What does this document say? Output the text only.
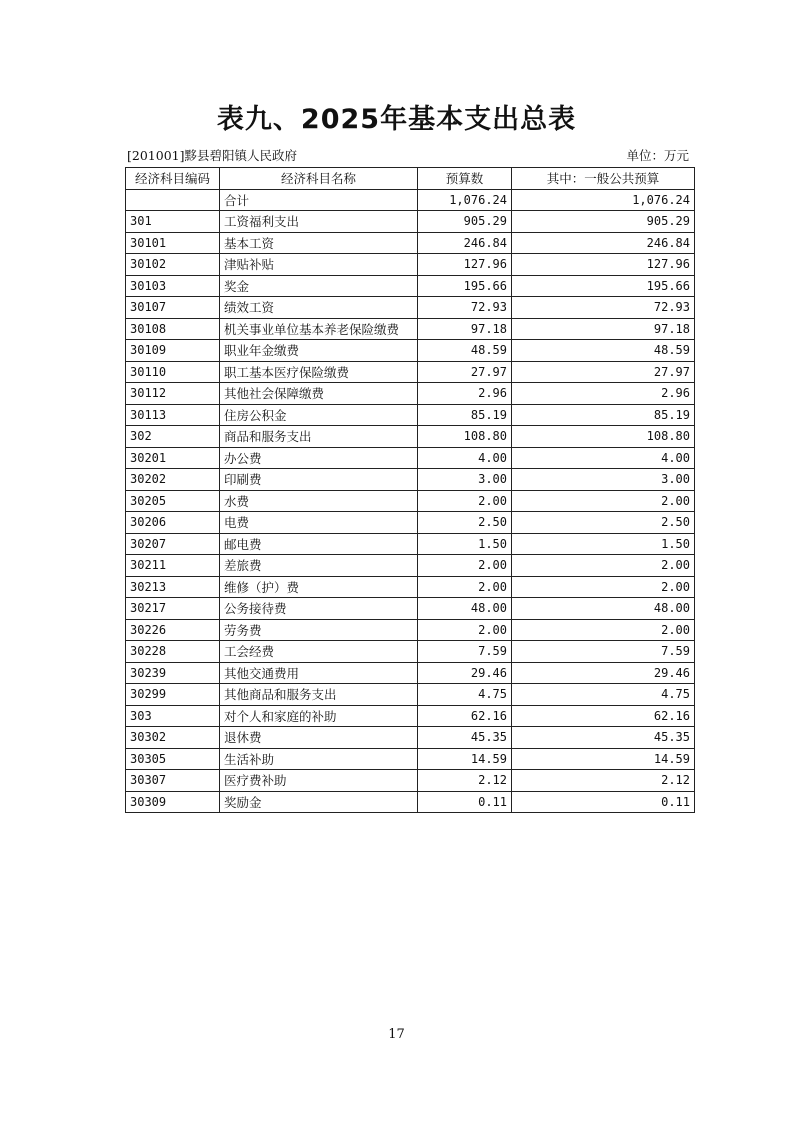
表九、2025年基本支出总表
[201001]黟县碧阳镇人民政府	单位：万元
经济科目编码	经济科目名称	预算数	其中：一般公共预算
	合计	1,076.24	1,076.24
301	工资福利支出	905.29	905.29
30101	基本工资	246.84	246.84
30102	津贴补贴	127.96	127.96
30103	奖金	195.66	195.66
30107	绩效工资	72.93	72.93
30108	机关事业单位基本养老保险缴费	97.18	97.18
30109	职业年金缴费	48.59	48.59
30110	职工基本医疗保险缴费	27.97	27.97
30112	其他社会保障缴费	2.96	2.96
30113	住房公积金	85.19	85.19
302	商品和服务支出	108.80	108.80
30201	办公费	4.00	4.00
30202	印刷费	3.00	3.00
30205	水费	2.00	2.00
30206	电费	2.50	2.50
30207	邮电费	1.50	1.50
30211	差旅费	2.00	2.00
30213	维修（护）费	2.00	2.00
30217	公务接待费	48.00	48.00
30226	劳务费	2.00	2.00
30228	工会经费	7.59	7.59
30239	其他交通费用	29.46	29.46
30299	其他商品和服务支出	4.75	4.75
303	对个人和家庭的补助	62.16	62.16
30302	退休费	45.35	45.35
30305	生活补助	14.59	14.59
30307	医疗费补助	2.12	2.12
30309	奖励金	0.11	0.11
17
